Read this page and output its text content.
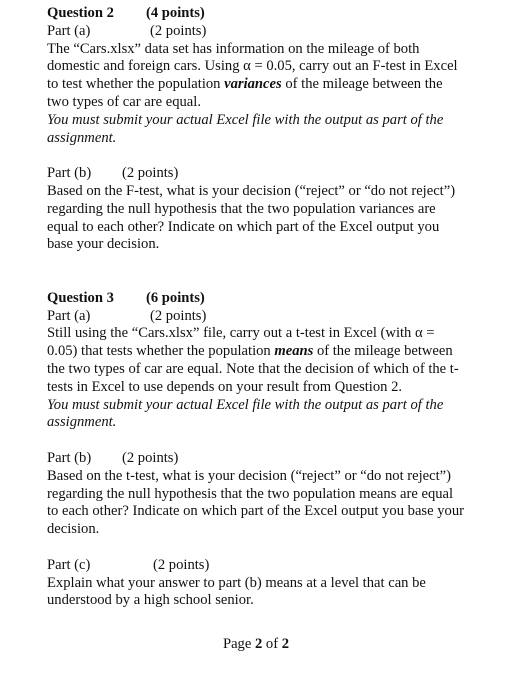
Question 2 (4 points)
Part (a)	(2 points)

The “Cars.xlsx” data set has information on the mileage of both domestic and foreign cars. Using α = 0.05, carry out an F-test in Excel to test whether the population variances of the mileage between the two types of car are equal.

You must submit your actual Excel file with the output as part of the assignment.

Part (b) (2 points)

Based on the F-test, what is your decision (“reject” or “do not reject”) regarding the null hypothesis that the two population variances are equal to each other? Indicate on which part of the Excel output you base your decision.

Question 3 (6 points)
Part (a)	(2 points)

Still using the “Cars.xlsx” file, carry out a t-test in Excel (with α = 0.05) that tests whether the population means of the mileage between the two types of car are equal. Note that the decision of which of the t-tests in Excel to use depends on your result from Question 2.

You must submit your actual Excel file with the output as part of the assignment.

Part (b) (2 points)

Based on the t-test, what is your decision (“reject” or “do not reject”) regarding the null hypothesis that the two population means are equal to each other? Indicate on which part of the Excel output you base your decision.

Part (c)	(2 points)

Explain what your answer to part (b) means at a level that can be understood by a high school senior.

Page 2 of 2
